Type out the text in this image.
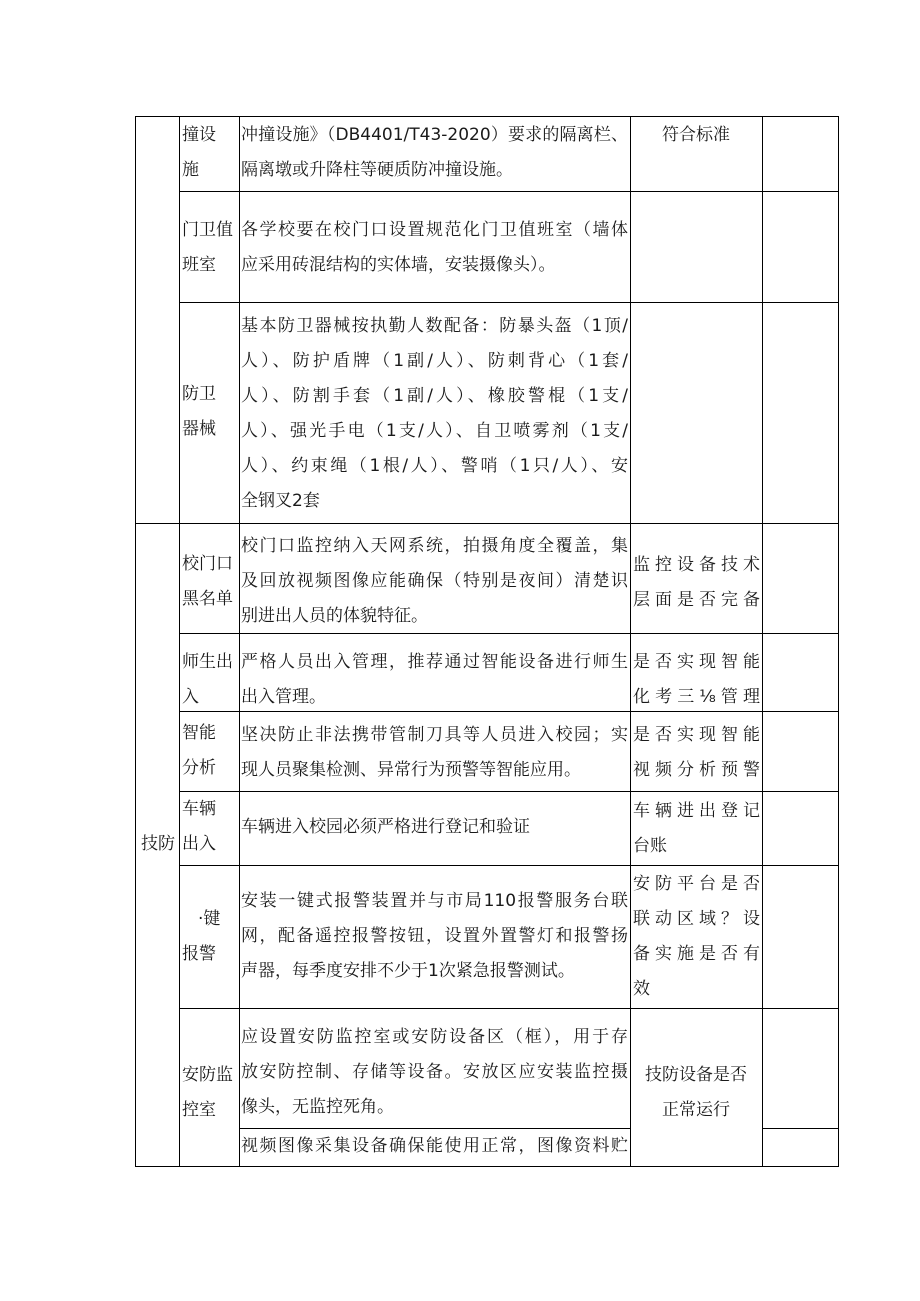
技防

撞设

施

冲撞设施》（DB4401/T43-2020）要求的隔离栏、

隔离墩或升降柱等硬质防冲撞设施。

符合标准

门卫值

班室

各学校要在校门口设置规范化门卫值班室（墙体

应采用砖混结构的实体墙，安装摄像头）。

防卫

器械

基本防卫器械按执勤人数配备：防暴头盔（1顶/

人）、防护盾牌（1副/人）、防刺背心（1套/

人）、防割手套（1副/人）、橡胶警棍（1支/

人）、强光手电（1支/人）、自卫喷雾剂（1支/

人）、约束绳（1根/人）、警哨（1只/人）、安

全钢叉2套

校门口

黑名单

校门口监控纳入天网系统，拍摄角度全覆盖，集

及回放视频图像应能确保（特别是夜间）清楚识

别进出人员的体貌特征。

监控设备技术

层面是否完备

师生出

入

严格人员出入管理，推荐通过智能设备进行师生

出入管理。

是否实现智能

化考三⅛管理

智能

分析

坚决防止非法携带管制刀具等人员进入校园；实

现人员聚集检测、异常行为预警等智能应用。

是否实现智能

视频分析预警

车辆

出入

车辆进入校园必须严格进行登记和验证

车辆进出登记

台账

·键

报警

安装一键式报警装置并与市局110报警服务台联

网，配备遥控报警按钮，设置外置警灯和报警扬

声器，每季度安排不少于1次紧急报警测试。

安防平台是否

联动区域？设

备实施是否有

效

安防监

控室

应设置安防监控室或安防设备区（框），用于存

放安防控制、存储等设备。安放区应安装监控摄

像头，无监控死角。

技防设备是否

正常运行

视频图像采集设备确保能使用正常，图像资料贮
